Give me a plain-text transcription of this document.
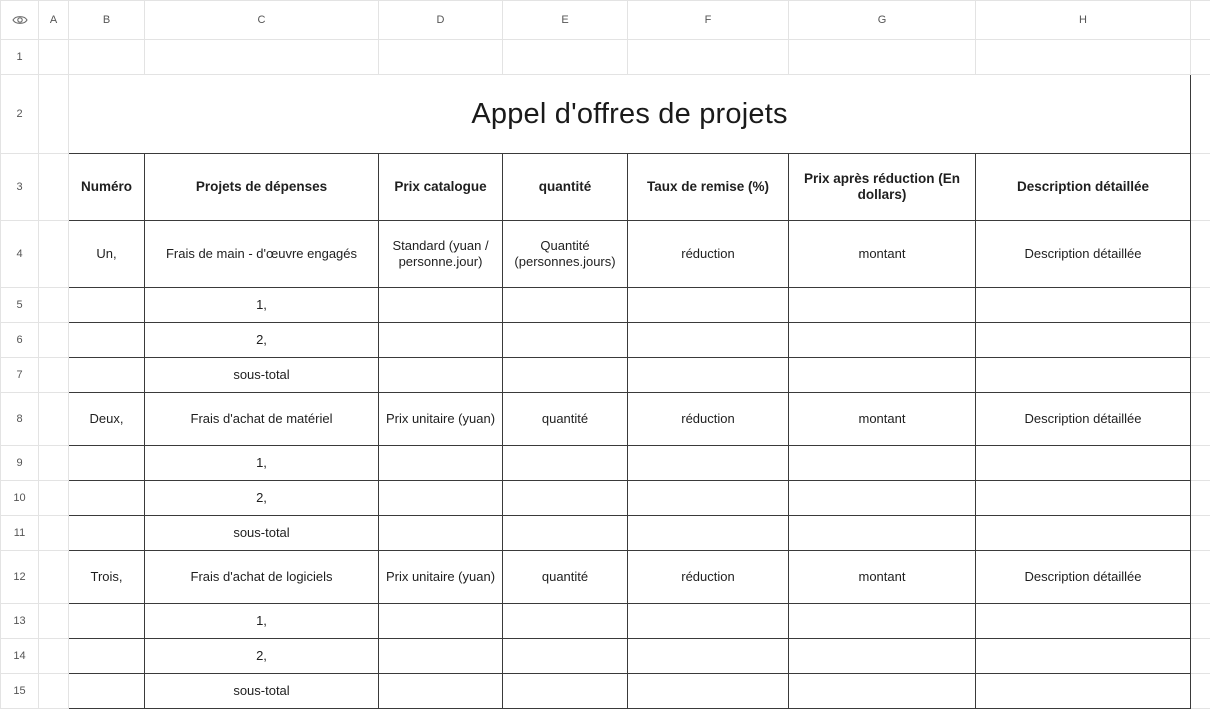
	A	B	C	D	E	F	G	H	
1									
2		Appel d'offres de projets							
3		Numéro	Projets de dépenses	Prix catalogue	quantité	Taux de remise (%)	Prix après réduction (En dollars)	Description détaillée	
4		Un,	Frais de main - d'œuvre engagés	Standard (yuan / personne.jour)	Quantité (personnes.jours)	réduction	montant	Description détaillée	
5			1,						
6			2,						
7			sous-total						
8		Deux,	Frais d'achat de matériel	Prix unitaire (yuan)	quantité	réduction	montant	Description détaillée	
9			1,						
10			2,						
11			sous-total						
12		Trois,	Frais d'achat de logiciels	Prix unitaire (yuan)	quantité	réduction	montant	Description détaillée	
13			1,						
14			2,						
15			sous-total						
